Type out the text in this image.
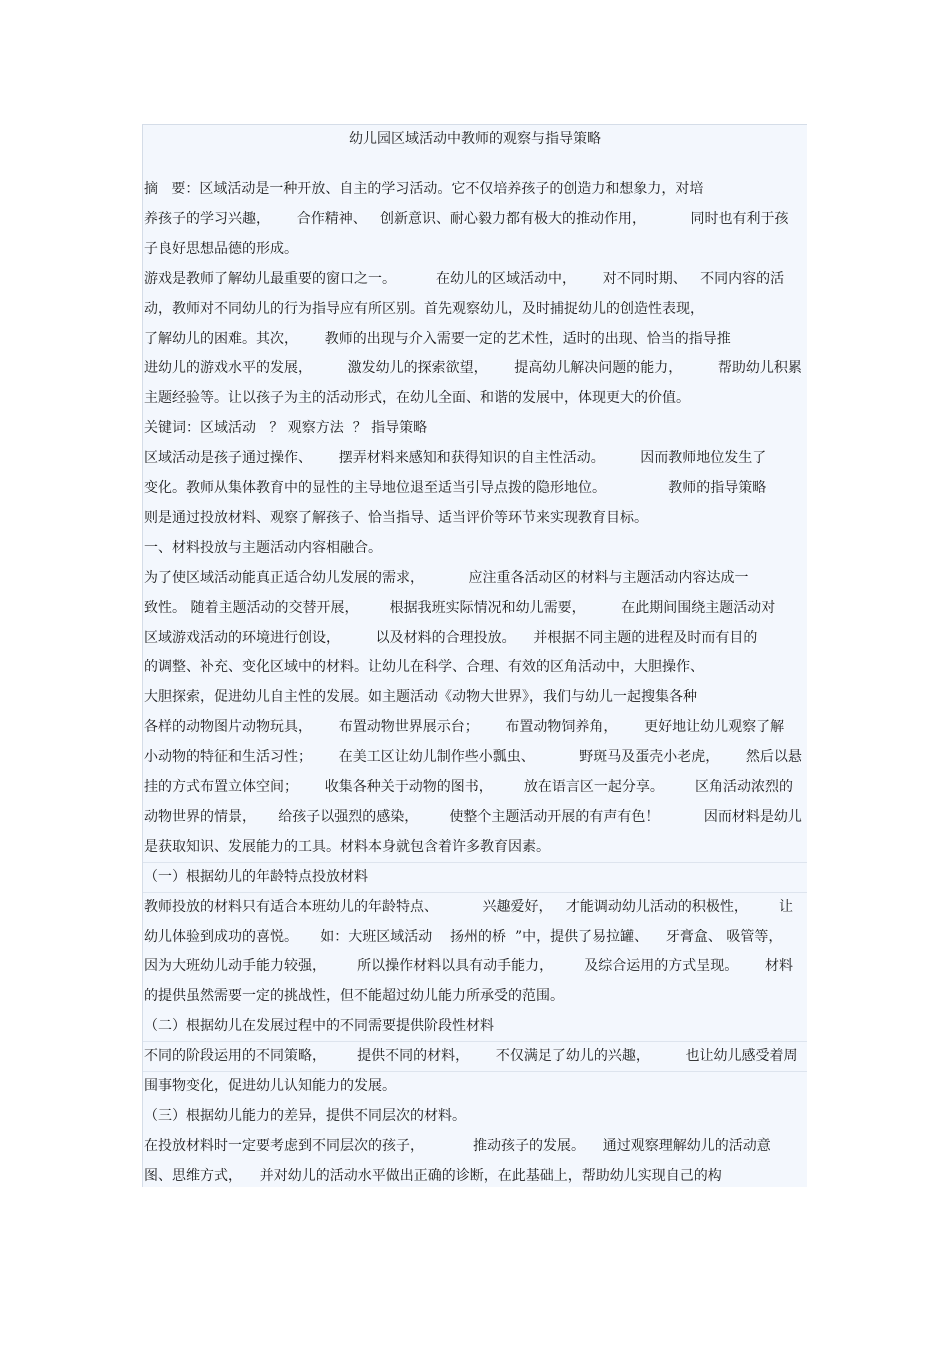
幼儿园区域活动中教师的观察与指导策略
摘   要：区域活动是一种开放、自主的学习活动。它不仅培养孩子的创造力和想象力，对培
养孩子的学习兴趣，      合作精神、   创新意识、耐心毅力都有极大的推动作用，          同时也有利于孩
子良好思想品德的形成。
游戏是教师了解幼儿最重要的窗口之一。         在幼儿的区域活动中，      对不同时期、   不同内容的活
动，教师对不同幼儿的行为指导应有所区别。首先观察幼儿，及时捕捉幼儿的创造性表现，
了解幼儿的困难。其次，      教师的出现与介入需要一定的艺术性，适时的出现、恰当的指导推
进幼儿的游戏水平的发展，        激发幼儿的探索欲望，      提高幼儿解决问题的能力，        帮助幼儿积累
主题经验等。让以孩子为主的活动形式，在幼儿全面、和谐的发展中，体现更大的价值。
关键词：区域活动   ？ 观察方法  ？ 指导策略
区域活动是孩子通过操作、      摆弄材料来感知和获得知识的自主性活动。        因而教师地位发生了
变化。教师从集体教育中的显性的主导地位退至适当引导点拨的隐形地位。              教师的指导策略
则是通过投放材料、观察了解孩子、恰当指导、适当评价等环节来实现教育目标。
一、材料投放与主题活动内容相融合。
为了使区域活动能真正适合幼儿发展的需求，          应注重各活动区的材料与主题活动内容达成一
致性。 随着主题活动的交替开展，       根据我班实际情况和幼儿需要，        在此期间围绕主题活动对
区域游戏活动的环境进行创设，        以及材料的合理投放。    并根据不同主题的进程及时而有目的
的调整、补充、变化区域中的材料。让幼儿在科学、合理、有效的区角活动中，大胆操作、
大胆探索，促进幼儿自主性的发展。如主题活动《动物大世界》，我们与幼儿一起搜集各种
各样的动物图片动物玩具，      布置动物世界展示台；      布置动物饲养角，      更好地让幼儿观察了解
小动物的特征和生活习性；      在美工区让幼儿制作些小瓢虫、          野斑马及蛋壳小老虎，      然后以悬
挂的方式布置立体空间；      收集各种关于动物的图书，       放在语言区一起分享。       区角活动浓烈的
动物世界的情景，     给孩子以强烈的感染，       使整个主题活动开展的有声有色！          因而材料是幼儿
是获取知识、发展能力的工具。材料本身就包含着许多教育因素。
（一）根据幼儿的年龄特点投放材料
教师投放的材料只有适合本班幼儿的年龄特点、          兴趣爱好，   才能调动幼儿活动的积极性，       让
幼儿体验到成功的喜悦。     如：大班区域活动    扬州的桥  ”中，提供了易拉罐、    牙膏盒、 吸管等，
因为大班幼儿动手能力较强，       所以操作材料以具有动手能力，       及综合运用的方式呈现。      材料
的提供虽然需要一定的挑战性，但不能超过幼儿能力所承受的范围。
（二）根据幼儿在发展过程中的不同需要提供阶段性材料
不同的阶段运用的不同策略，       提供不同的材料，      不仅满足了幼儿的兴趣，        也让幼儿感受着周
围事物变化，促进幼儿认知能力的发展。
（三）根据幼儿能力的差异，提供不同层次的材料。
在投放材料时一定要考虑到不同层次的孩子，           推动孩子的发展。    通过观察理解幼儿的活动意
图、思维方式，    并对幼儿的活动水平做出正确的诊断，在此基础上，帮助幼儿实现自己的构
